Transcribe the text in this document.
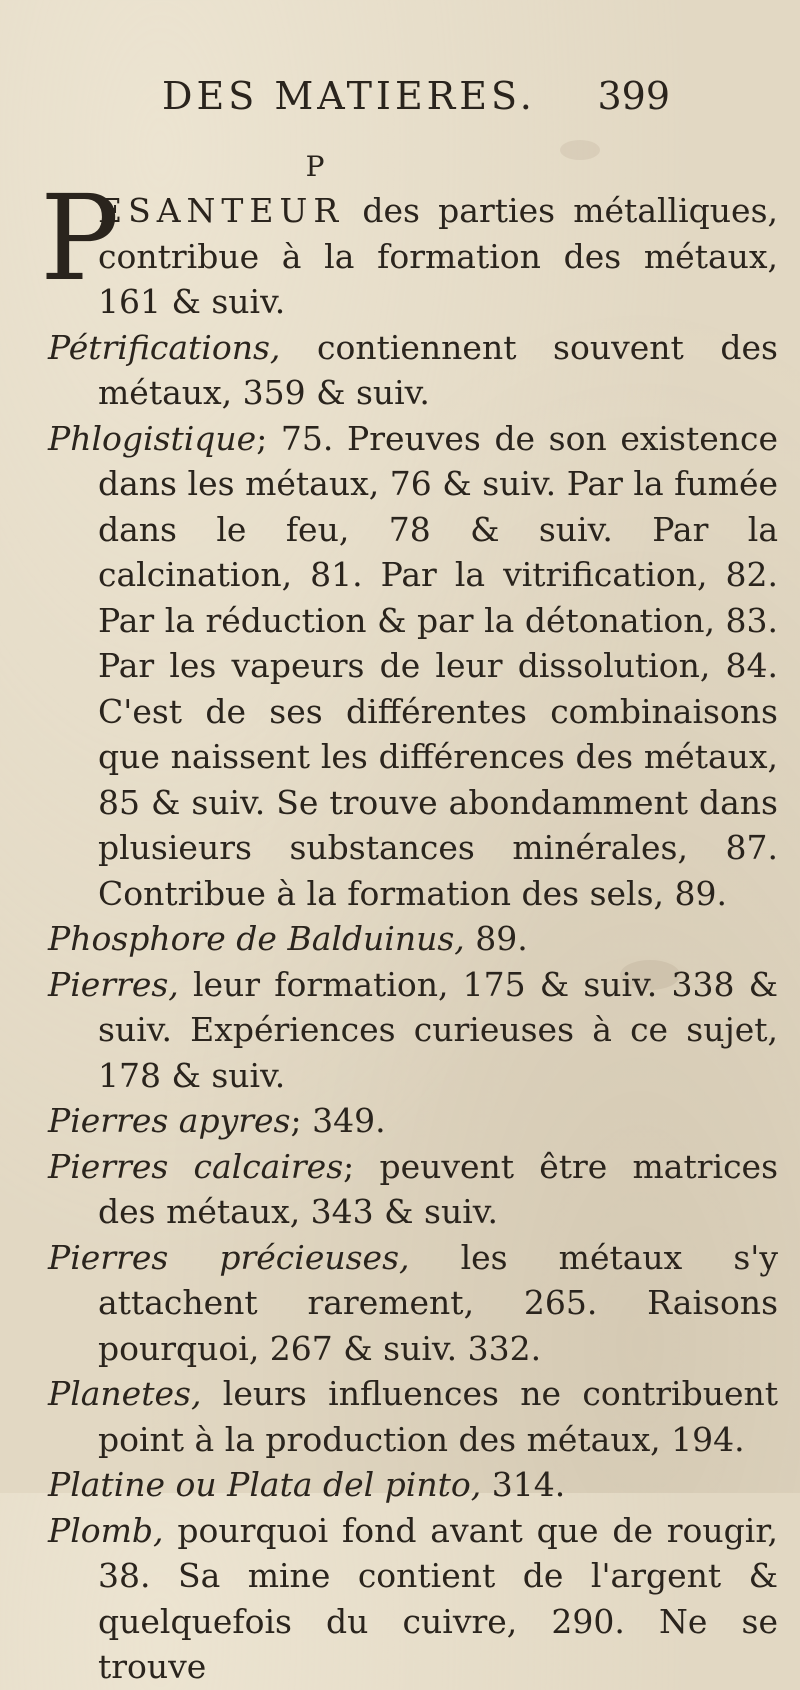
DES MATIERES. 399
P
P
ESANTEUR des parties métalliques, contribue à la formation des métaux, 161 & suiv.
Pétrifications, contiennent souvent des métaux, 359 & suiv.
Phlogistique; 75. Preuves de son existence dans les métaux, 76 & suiv. Par la fumée dans le feu, 78 & suiv. Par la calcination, 81. Par la vitrification, 82. Par la réduction & par la détonation, 83. Par les vapeurs de leur dissolution, 84. C'est de ses différentes combinaisons que naissent les différences des métaux, 85 & suiv. Se trouve abondamment dans plusieurs substances minérales, 87. Contribue à la formation des sels, 89.
Phosphore de Balduinus, 89.
Pierres, leur formation, 175 & suiv. 338 & suiv. Expériences curieuses à ce sujet, 178 & suiv.
Pierres apyres; 349.
Pierres calcaires; peuvent être matrices des métaux, 343 & suiv.
Pierres précieuses, les métaux s'y attachent rarement, 265. Raisons pourquoi, 267 & suiv. 332.
Planetes, leurs influences ne contribuent point à la production des métaux, 194.
Platine ou Plata del pinto, 314.
Plomb, pourquoi fond avant que de rougir, 38. Sa mine contient de l'argent & quelquefois du cuivre, 290. Ne se trouve
